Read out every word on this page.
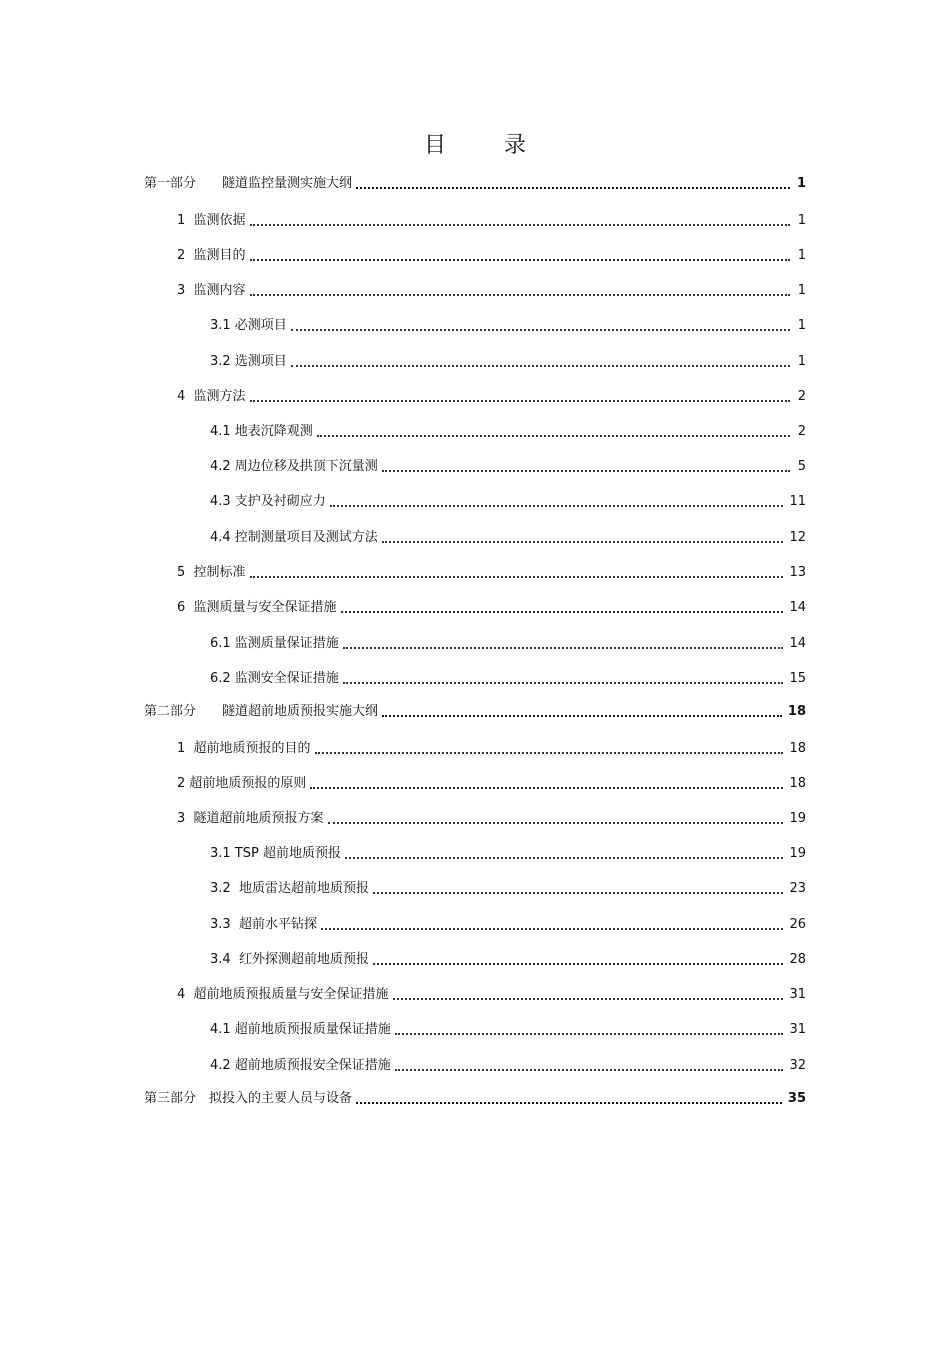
目　录
第一部分　　隧道监控量测实施大纲	1
1  监测依据	1
2  监测目的	1
3  监测内容	1
3.1 必测项目	1
3.2 选测项目	1
4  监测方法	2
4.1 地表沉降观测	2
4.2 周边位移及拱顶下沉量测	5
4.3 支护及衬砌应力	11
4.4 控制测量项目及测试方法	12
5  控制标准	13
6  监测质量与安全保证措施	14
6.1 监测质量保证措施	14
6.2 监测安全保证措施	15
第二部分　　隧道超前地质预报实施大纲	18
1  超前地质预报的目的	18
2 超前地质预报的原则	18
3  隧道超前地质预报方案	19
3.1 TSP 超前地质预报	19
3.2  地质雷达超前地质预报	23
3.3  超前水平钻探	26
3.4  红外探测超前地质预报	28
4  超前地质预报质量与安全保证措施	31
4.1 超前地质预报质量保证措施	31
4.2 超前地质预报安全保证措施	32
第三部分　拟投入的主要人员与设备	35
